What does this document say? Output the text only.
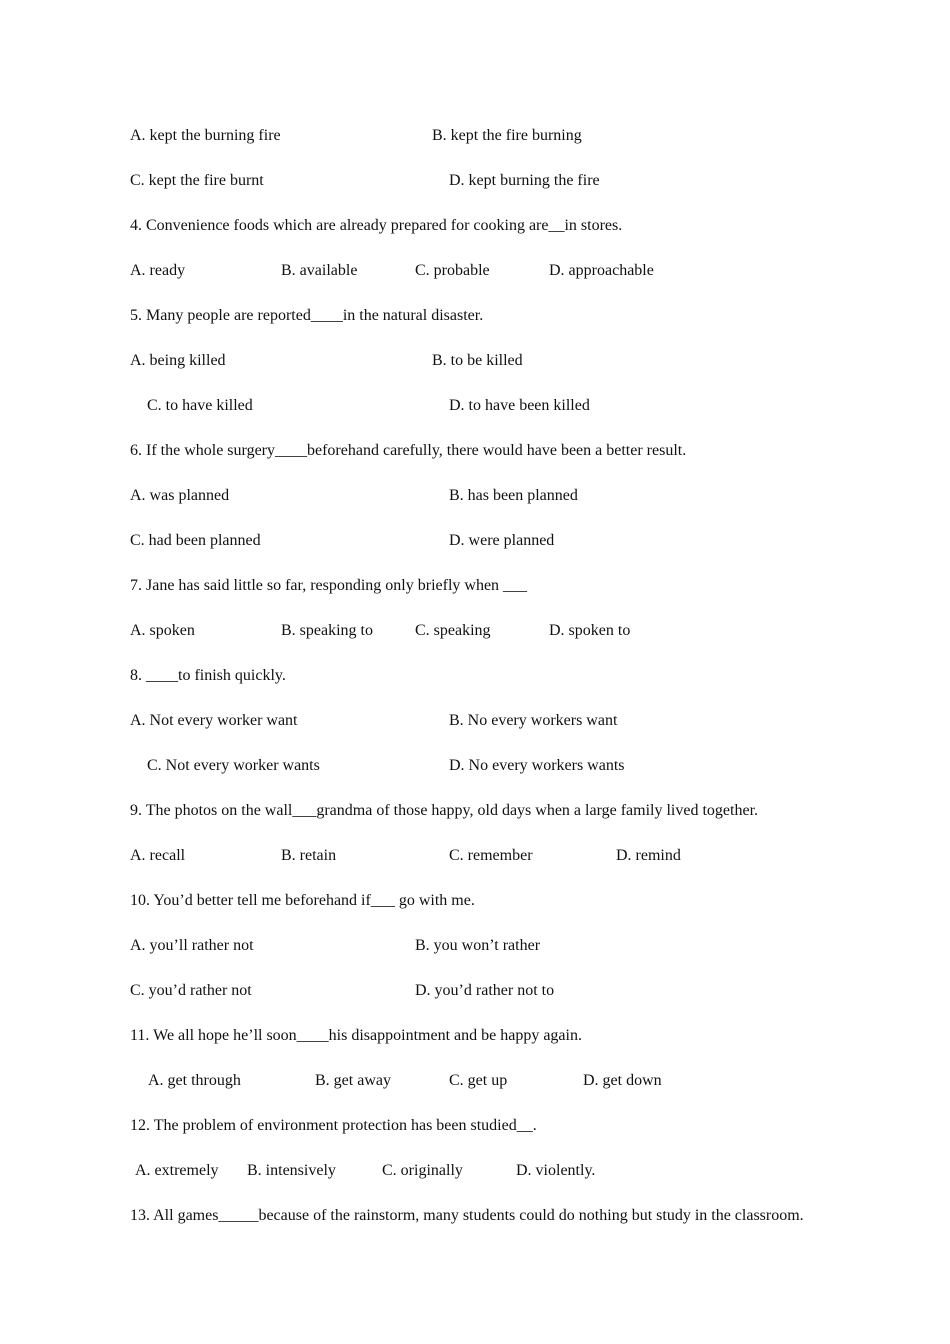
A. kept the burning fire	B. kept the fire burning
C. kept the fire burnt	D. kept burning the fire
4. Convenience foods which are already prepared for cooking are__in stores.
A. ready	B. available	C. probable	D. approachable
5. Many people are reported____in the natural disaster.
A. being killed	B. to be killed
C. to have killed	D. to have been killed
6. If the whole surgery____beforehand carefully, there would have been a better result.
A. was planned	B. has been planned
C. had been planned	D. were planned
7. Jane has said little so far, responding only briefly when ___
A. spoken	B. speaking to	C. speaking	D. spoken to
8. ____to finish quickly.
A. Not every worker want	B. No every workers want
C. Not every worker wants	D. No every workers wants
9. The photos on the wall___grandma of those happy, old days when a large family lived together.
A. recall	B. retain	C. remember	D. remind
10. You’d better tell me beforehand if___ go with me.
A. you’ll rather not	B. you won’t rather
C. you’d rather not	D. you’d rather not to
11. We all hope he’ll soon____his disappointment and be happy again.
A. get through	B. get away	C. get up	D. get down
12. The problem of environment protection has been studied__.
A. extremely B. intensively	C. originally	D. violently.
13. All games_____because of the rainstorm, many students could do nothing but study in the classroom.
